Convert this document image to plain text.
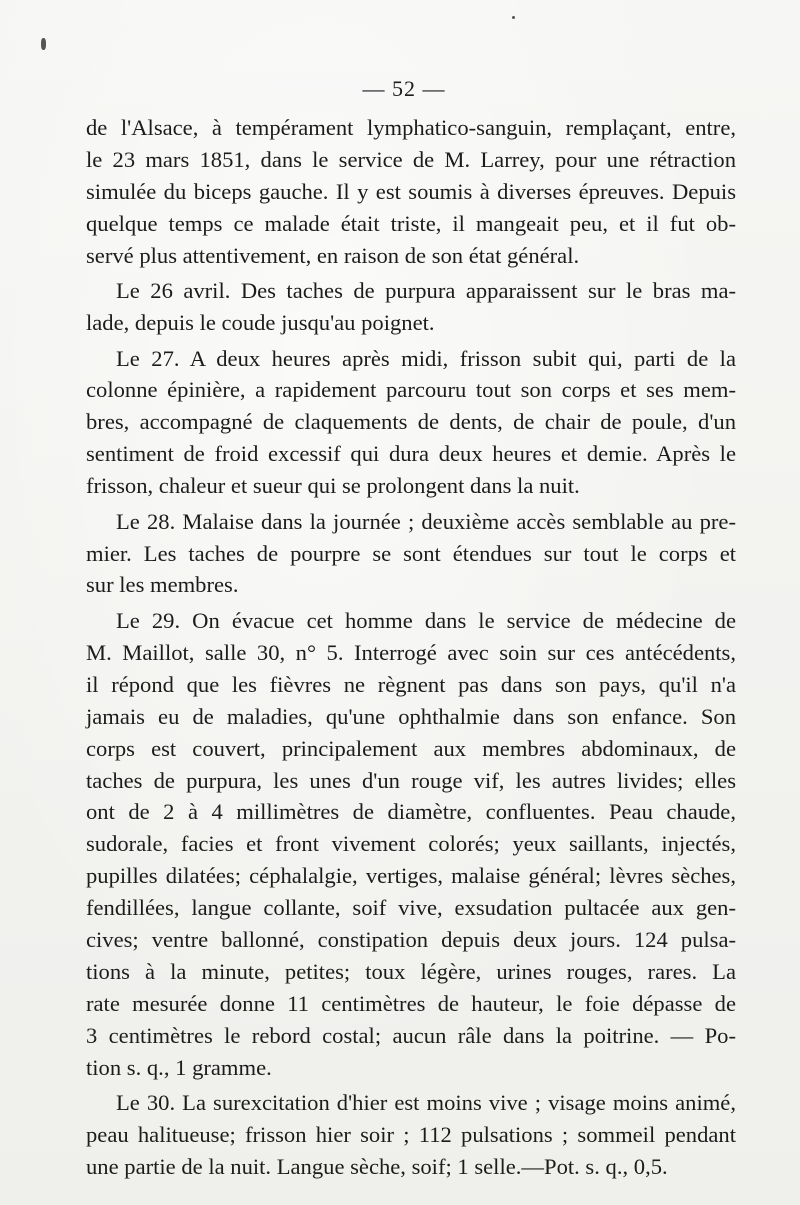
— 52 —
de l'Alsace, à tempérament lymphatico-sanguin, remplaçant, entre,
le 23 mars 1851, dans le service de M. Larrey, pour une rétraction
simulée du biceps gauche. Il y est soumis à diverses épreuves. Depuis
quelque temps ce malade était triste, il mangeait peu, et il fut ob-
servé plus attentivement, en raison de son état général.
Le 26 avril. Des taches de purpura apparaissent sur le bras ma-
lade, depuis le coude jusqu'au poignet.
Le 27. A deux heures après midi, frisson subit qui, parti de la
colonne épinière, a rapidement parcouru tout son corps et ses mem-
bres, accompagné de claquements de dents, de chair de poule, d'un
sentiment de froid excessif qui dura deux heures et demie. Après le
frisson, chaleur et sueur qui se prolongent dans la nuit.
Le 28. Malaise dans la journée ; deuxième accès semblable au pre-
mier. Les taches de pourpre se sont étendues sur tout le corps et
sur les membres.
Le 29. On évacue cet homme dans le service de médecine de
M. Maillot, salle 30, n° 5. Interrogé avec soin sur ces antécédents,
il répond que les fièvres ne règnent pas dans son pays, qu'il n'a
jamais eu de maladies, qu'une ophthalmie dans son enfance. Son
corps est couvert, principalement aux membres abdominaux, de
taches de purpura, les unes d'un rouge vif, les autres livides; elles
ont de 2 à 4 millimètres de diamètre, confluentes. Peau chaude,
sudorale, facies et front vivement colorés; yeux saillants, injectés,
pupilles dilatées; céphalalgie, vertiges, malaise général; lèvres sèches,
fendillées, langue collante, soif vive, exsudation pultacée aux gen-
cives; ventre ballonné, constipation depuis deux jours. 124 pulsa-
tions à la minute, petites; toux légère, urines rouges, rares. La
rate mesurée donne 11 centimètres de hauteur, le foie dépasse de
3 centimètres le rebord costal; aucun râle dans la poitrine. — Po-
tion s. q., 1 gramme.
Le 30. La surexcitation d'hier est moins vive ; visage moins animé,
peau halitueuse; frisson hier soir ; 112 pulsations ; sommeil pendant
une partie de la nuit. Langue sèche, soif; 1 selle.—Pot. s. q., 0,5.
